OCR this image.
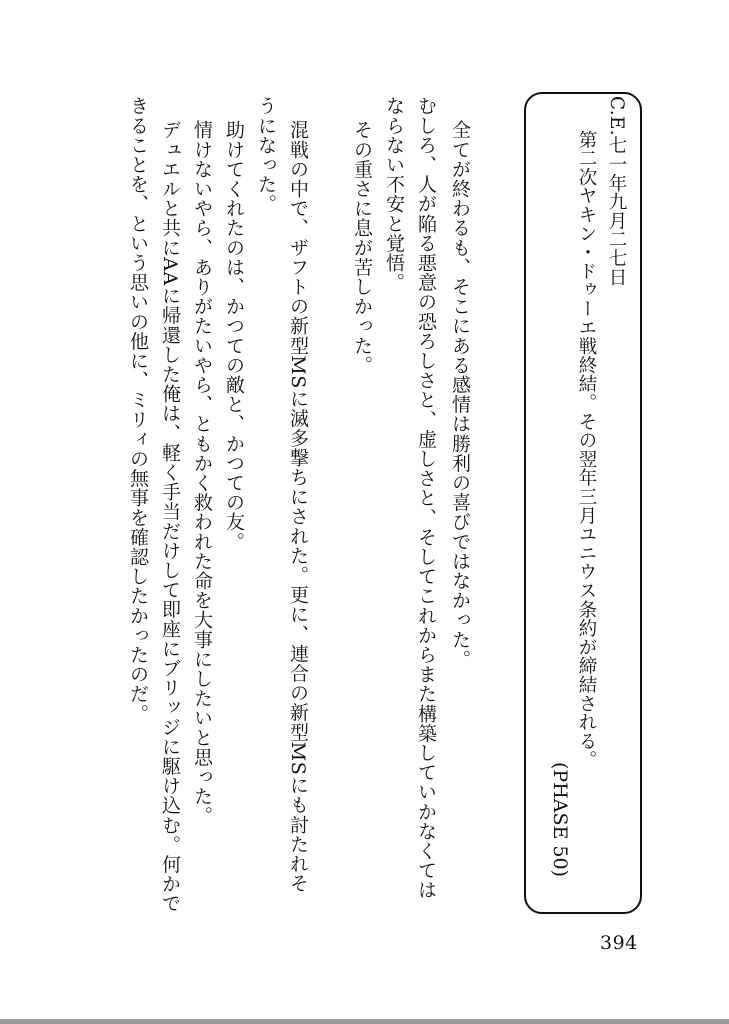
C.E.七一年九月二七日
第二次ヤキン・ドゥーエ戦終結。その翌年三月ユニウス条約が締結される。
(PHASE 50)
全てが終わるも、そこにある感情は勝利の喜びではなかった。
むしろ、人が陥る悪意の恐ろしさと、虚しさと、そしてこれからまた構築していかなくては
ならない不安と覚悟。
その重さに息が苦しかった。
混戦の中で、ザフトの新型MSに滅多撃ちにされた。更に、連合の新型MSにも討たれそ
うになった。
助けてくれたのは、かつての敵と、かつての友。
情けないやら、ありがたいやら、ともかく救われた命を大事にしたいと思った。
デュエルと共にAAに帰還した俺は、軽く手当だけして即座にブリッジに駆け込む。何かで
きることを、という思いの他に、ミリィの無事を確認したかったのだ。
394
